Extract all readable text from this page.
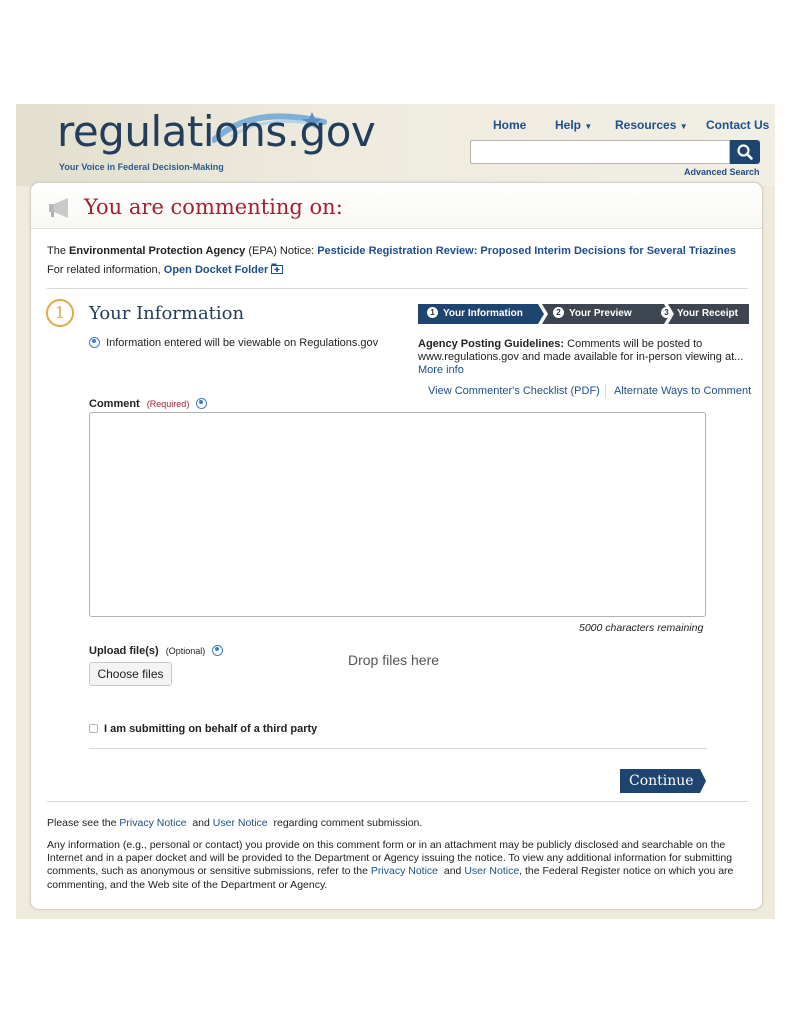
regulations.gov
Your Voice in Federal Decision-Making
Home Help ▼ Resources ▼ Contact Us
Advanced Search
You are commenting on:
The Environmental Protection Agency (EPA) Notice: Pesticide Registration Review: Proposed Interim Decisions for Several Triazines
For related information, Open Docket Folder
1	Your Information
Information entered will be viewable on Regulations.gov
1 Your Information	2 Your Preview	3 Your Receipt
Agency Posting Guidelines: Comments will be posted to
www.regulations.gov and made available for in-person viewing at...
More info
View Commenter's Checklist (PDF) Alternate Ways to Comment
Comment (Required)
5000 characters remaining
Upload file(s) (Optional)
Choose files
Drop files here
I am submitting on behalf of a third party
Continue
Please see the Privacy Notice and User Notice regarding comment submission.
Any information (e.g., personal or contact) you provide on this comment form or in an attachment may be publicly disclosed and searchable on the
Internet and in a paper docket and will be provided to the Department or Agency issuing the notice. To view any additional information for submitting
comments, such as anonymous or sensitive submissions, refer to the Privacy Notice and User Notice, the Federal Register notice on which you are
commenting, and the Web site of the Department or Agency.
